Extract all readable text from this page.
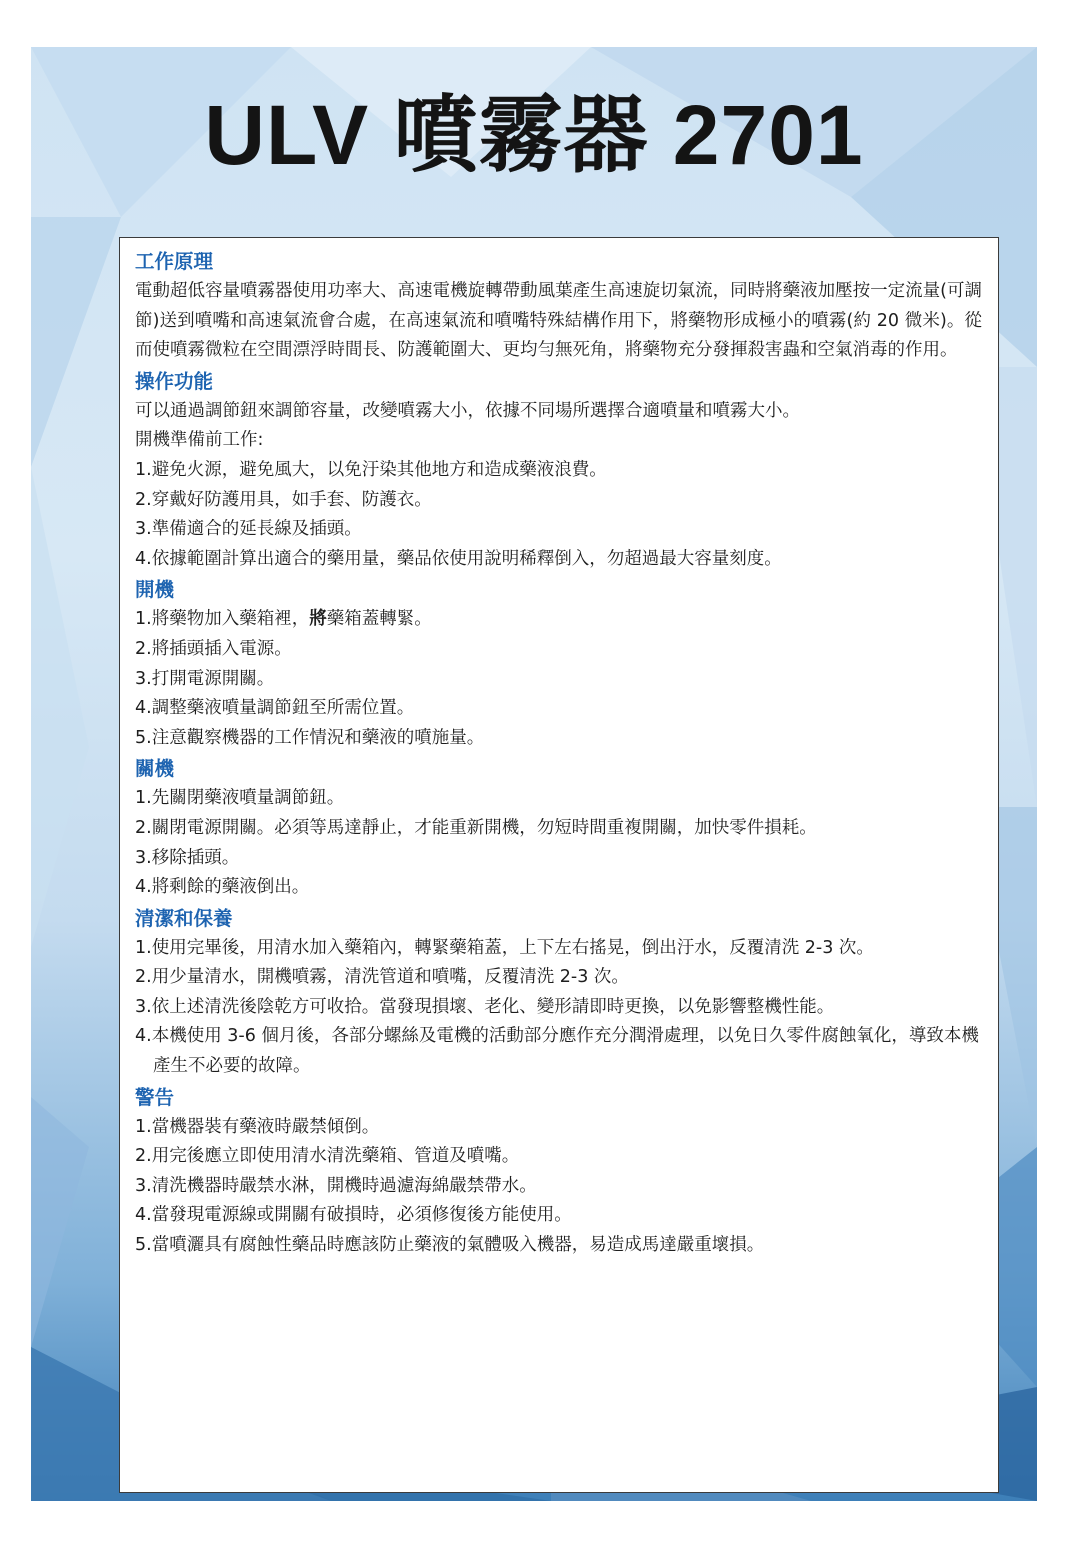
ULV 噴霧器 2701

工作原理

電動超低容量噴霧器使用功率大、高速電機旋轉帶動風葉產生高速旋切氣流，同時將藥液加壓按一定流量(可調節)送到噴嘴和高速氣流會合處，在高速氣流和噴嘴特殊結構作用下，將藥物形成極小的噴霧(約 20 微米)。從而使噴霧微粒在空間漂浮時間長、防護範圍大、更均勻無死角，將藥物充分發揮殺害蟲和空氣消毒的作用。

操作功能

可以通過調節鈕來調節容量，改變噴霧大小，依據不同場所選擇合適噴量和噴霧大小。

開機準備前工作:

1.避免火源，避免風大，以免汙染其他地方和造成藥液浪費。

2.穿戴好防護用具，如手套、防護衣。

3.準備適合的延長線及插頭。

4.依據範圍計算出適合的藥用量，藥品依使用說明稀釋倒入，勿超過最大容量刻度。

開機

1.將藥物加入藥箱裡，將藥箱蓋轉緊。

2.將插頭插入電源。

3.打開電源開關。

4.調整藥液噴量調節鈕至所需位置。

5.注意觀察機器的工作情況和藥液的噴施量。

關機

1.先關閉藥液噴量調節鈕。

2.關閉電源開關。必須等馬達靜止，才能重新開機，勿短時間重複開關，加快零件損耗。

3.移除插頭。

4.將剩餘的藥液倒出。

清潔和保養

1.使用完畢後，用清水加入藥箱內，轉緊藥箱蓋，上下左右搖晃，倒出汙水，反覆清洗 2-3 次。

2.用少量清水，開機噴霧，清洗管道和噴嘴，反覆清洗 2-3 次。

3.依上述清洗後陰乾方可收拾。當發現損壞、老化、變形請即時更換，以免影響整機性能。

4.本機使用 3-6 個月後，各部分螺絲及電機的活動部分應作充分潤滑處理，以免日久零件腐蝕氧化，導致本機產生不必要的故障。

警告

1.當機器裝有藥液時嚴禁傾倒。

2.用完後應立即使用清水清洗藥箱、管道及噴嘴。

3.清洗機器時嚴禁水淋，開機時過濾海綿嚴禁帶水。

4.當發現電源線或開關有破損時，必須修復後方能使用。

5.當噴灑具有腐蝕性藥品時應該防止藥液的氣體吸入機器，易造成馬達嚴重壞損。
